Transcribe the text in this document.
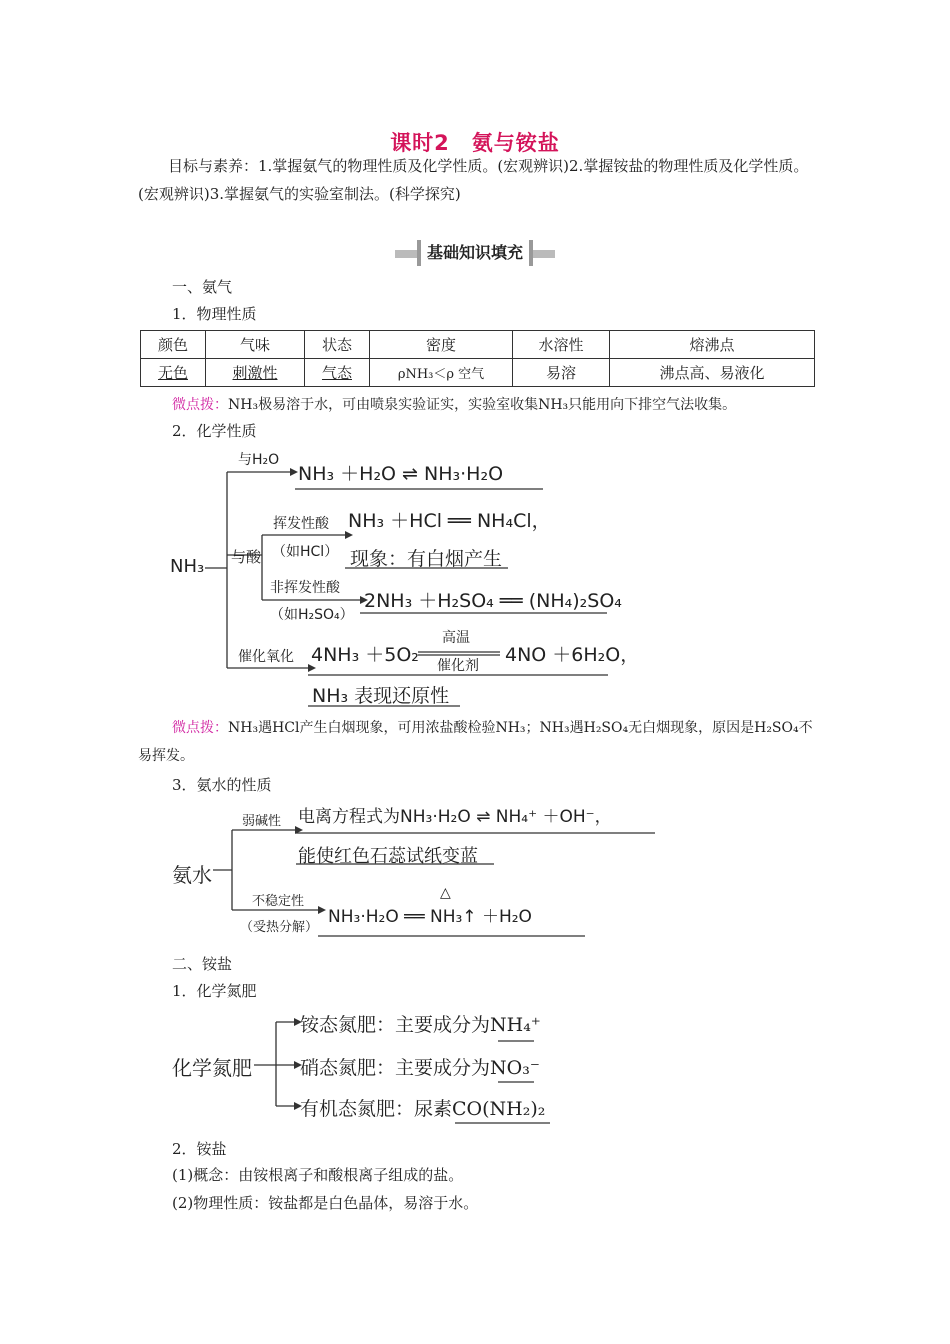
课时2　氨与铵盐
目标与素养：1.掌握氨气的物理性质及化学性质。(宏观辨识)2.掌握铵盐的物理性质及化学性质。(宏观辨识)3.掌握氨气的实验室制法。(科学探究)
基础知识填充
一、氨气
1．物理性质
颜色	气味	状态	密度	水溶性	熔沸点
无色	刺激性	气态	ρNH₃＜ρ 空气	易溶	沸点高、易液化
微点拨：NH₃极易溶于水，可由喷泉实验证实，实验室收集NH₃只能用向下排空气法收集。
2．化学性质
NH₃
与H₂O
NH₃ ＋H₂O ⇌ NH₃·H₂O
与酸
挥发性酸
（如HCl）
NH₃ ＋HCl ══ NH₄Cl，
现象：有白烟产生
非挥发性酸
（如H₂SO₄）
2NH₃ ＋H₂SO₄ ══ (NH₄)₂SO₄
催化氧化 4NH₃ ＋5O₂
高温
催化剂 4NO ＋6H₂O，
NH₃ 表现还原性
微点拨：NH₃遇HCl产生白烟现象，可用浓盐酸检验NH₃；NH₃遇H₂SO₄无白烟现象，原因是H₂SO₄不易挥发。
3．氨水的性质
氨水
弱碱性 电离方程式为NH₃·H₂O ⇌ NH₄⁺ ＋OH⁻，
能使红色石蕊试纸变蓝
不稳定性
（受热分解）
△
NH₃·H₂O ══ NH₃↑ ＋H₂O
二、铵盐
1．化学氮肥
化学氮肥
铵态氮肥：主要成分为NH₄⁺
硝态氮肥：主要成分为NO₃⁻
有机态氮肥：尿素CO(NH₂)₂
2．铵盐
(1)概念：由铵根离子和酸根离子组成的盐。
(2)物理性质：铵盐都是白色晶体，易溶于水。
